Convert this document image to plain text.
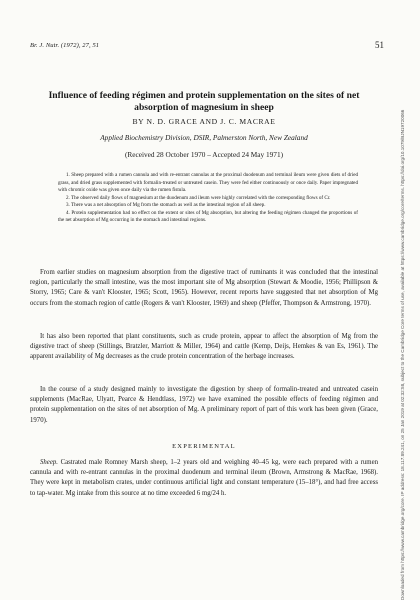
Br. J. Nutr. (1972), 27, 51	51
Influence of feeding régimen and protein supplementation on the sites of net absorption of magnesium in sheep
BY N. D. GRACE AND J. C. MACRAE
Applied Biochemistry Division, DSIR, Palmerston North, New Zealand
(Received 28 October 1970 – Accepted 24 May 1971)
1. Sheep prepared with a rumen cannula and with re-entrant cannulas at the proximal duodenum and terminal ileum were given diets of dried grass, and dried grass supplemented with formalin-treated or untreated casein. They were fed either continuously or once daily. Paper impregnated with chromic oxide was given once daily via the rumen fistula.
2. The observed daily flows of magnesium at the duodenum and ileum were highly correlated with the corresponding flows of Cr.
3. There was a net absorption of Mg from the stomach as well as the intestinal region of all sheep.
4. Protein supplementation had no effect on the extent or sites of Mg absorption, but altering the feeding régimen changed the proportions of the net absorption of Mg occurring in the stomach and intestinal regions.

From earlier studies on magnesium absorption from the digestive tract of ruminants it was concluded that the intestinal region, particularly the small intestine, was the most important site of Mg absorption (Stewart & Moodie, 1956; Phillipson & Storry, 1965; Care & van't Klooster, 1965; Scott, 1965). However, recent reports have suggested that net absorption of Mg occurs from the stomach region of cattle (Rogers & van't Klooster, 1969) and sheep (Pfeffer, Thompson & Armstrong, 1970).

It has also been reported that plant constituents, such as crude protein, appear to affect the absorption of Mg from the digestive tract of sheep (Stillings, Bratzler, Marriott & Miller, 1964) and cattle (Kemp, Deijs, Hemkes & van Es, 1961). The apparent availability of Mg decreases as the crude protein concentration of the herbage increases.

In the course of a study designed mainly to investigate the digestion by sheep of formalin-treated and untreated casein supplements (MacRae, Ulyatt, Pearce & Hendtlass, 1972) we have examined the possible effects of feeding régimen and protein supplementation on the sites of net absorption of Mg. A preliminary report of part of this work has been given (Grace, 1970).

EXPERIMENTAL

Sheep. Castrated male Romney Marsh sheep, 1–2 years old and weighing 40–45 kg, were each prepared with a rumen cannula and with re-entrant cannulas in the proximal duodenum and terminal ileum (Brown, Armstrong & MacRae, 1968). They were kept in metabolism crates, under continuous artificial light and constant temperature (15–18°), and had free access to tap-water. Mg intake from this source at no time exceeded 6 mg/24 h.	Downloaded from https://www.cambridge.org/core. IP address: 18.117.89.241, on 25 Jan 2019 at 02:32:58, subject to the Cambridge Core terms of use, available at https://www.cambridge.org/core/terms. https://doi.org/10.1079/BJN19720066
